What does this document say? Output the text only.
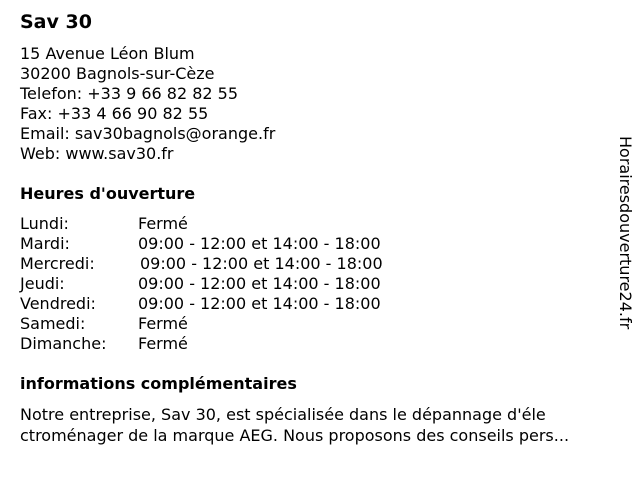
Sav 30
15 Avenue Léon Blum
30200 Bagnols-sur-Cèze
Telefon: +33 9 66 82 82 55
Fax: +33 4 66 90 82 55
Email: sav30bagnols@orange.fr
Web: www.sav30.fr
Heures d'ouverture
Lundi:	Fermé
Mardi:	09:00 - 12:00 et 14:00 - 18:00
Mercredi:	09:00 - 12:00 et 14:00 - 18:00
Jeudi:	09:00 - 12:00 et 14:00 - 18:00
Vendredi:	09:00 - 12:00 et 14:00 - 18:00
Samedi:	Fermé
Dimanche: Fermé
informations complémentaires
Notre entreprise, Sav 30, est spécialisée dans le dépannage d'éle
ctroménager de la marque AEG. Nous proposons des conseils pers...
Horairesdouverture24.fr
